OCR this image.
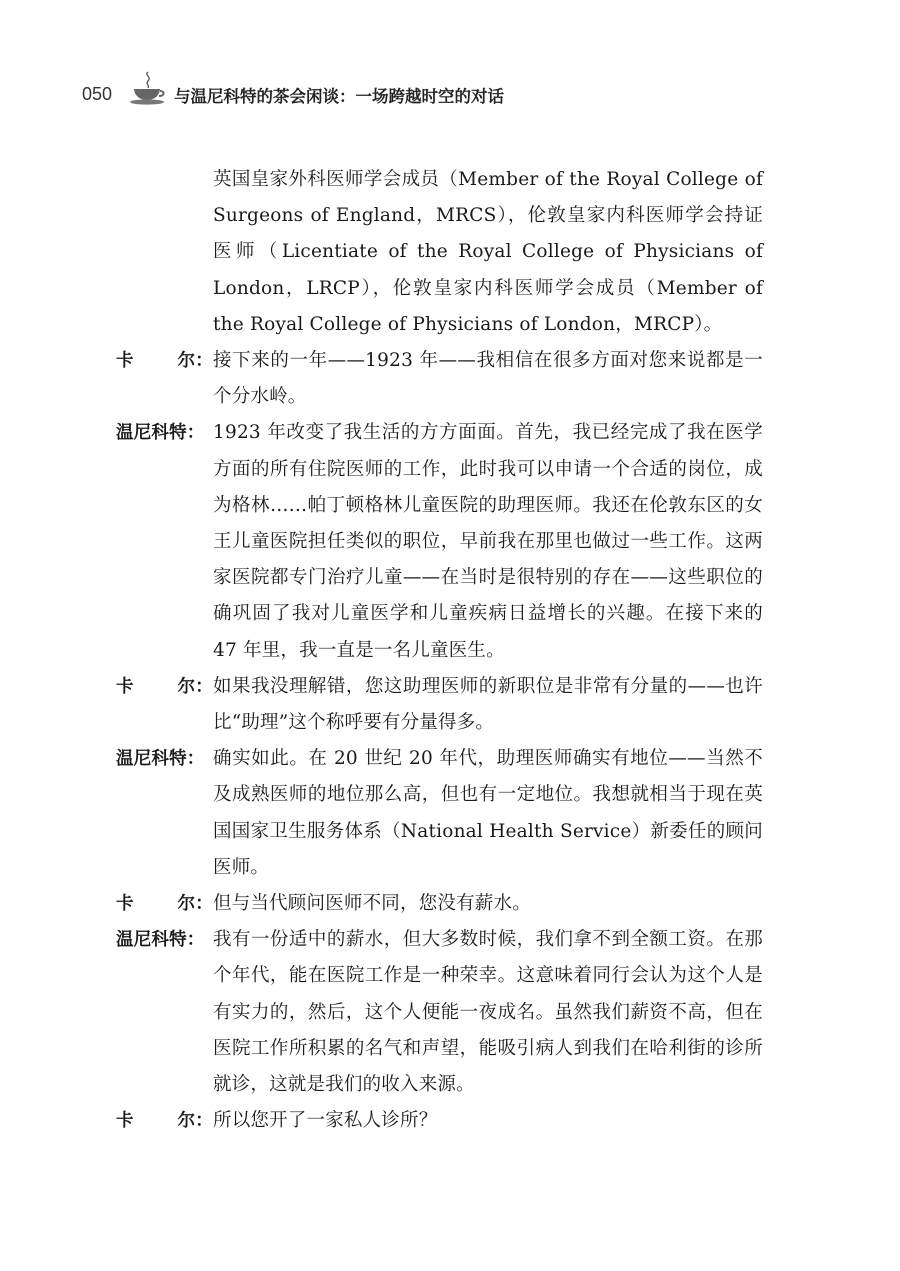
050	与温尼科特的茶会闲谈：一场跨越时空的对话
英国皇家外科医师学会成员（Member of the Royal College of Surgeons of England，MRCS），伦敦皇家内科医师学会持证医师（Licentiate of the Royal College of Physicians of London，LRCP），伦敦皇家内科医师学会成员（Member of the Royal College of Physicians of London，MRCP）。
卡	尔： 接下来的一年——1923 年——我相信在很多方面对您来说都是一个分水岭。
温尼科特： 1923 年改变了我生活的方方面面。首先，我已经完成了我在医学方面的所有住院医师的工作，此时我可以申请一个合适的岗位，成为格林……帕丁顿格林儿童医院的助理医师。我还在伦敦东区的女王儿童医院担任类似的职位，早前我在那里也做过一些工作。这两家医院都专门治疗儿童——在当时是很特别的存在——这些职位的确巩固了我对儿童医学和儿童疾病日益增长的兴趣。在接下来的 47 年里，我一直是一名儿童医生。
卡	尔： 如果我没理解错，您这助理医师的新职位是非常有分量的——也许比“助理”这个称呼要有分量得多。
温尼科特： 确实如此。在 20 世纪 20 年代，助理医师确实有地位——当然不及成熟医师的地位那么高，但也有一定地位。我想就相当于现在英国国家卫生服务体系（National Health Service）新委任的顾问医师。
卡	尔： 但与当代顾问医师不同，您没有薪水。
温尼科特： 我有一份适中的薪水，但大多数时候，我们拿不到全额工资。在那个年代，能在医院工作是一种荣幸。这意味着同行会认为这个人是有实力的，然后，这个人便能一夜成名。虽然我们薪资不高，但在医院工作所积累的名气和声望，能吸引病人到我们在哈利街的诊所就诊，这就是我们的收入来源。
卡	尔： 所以您开了一家私人诊所？
